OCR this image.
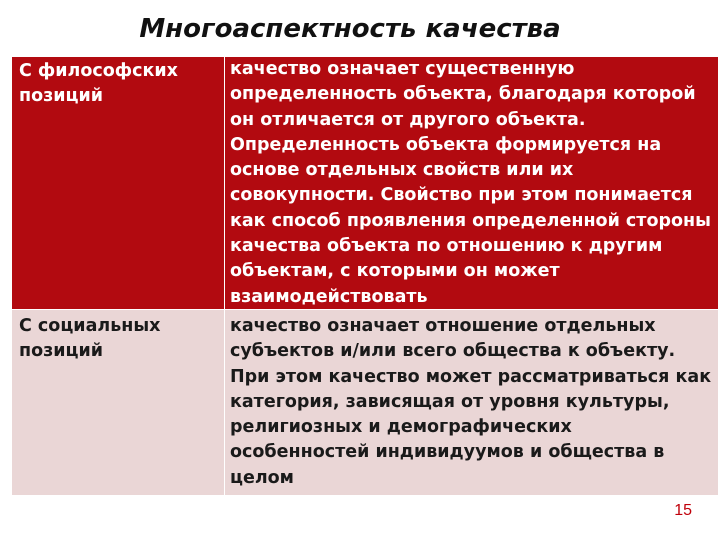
Многоаспектность качества
С философских позиций
качество означает существенную определенность объекта, благодаря которой он отличается от другого объекта. Определенность объекта формируется на основе отдельных свойств или их совокупности. Свойство при этом понимается как способ проявления определенной стороны качества объекта по отношению к другим объектам, с которыми он может взаимодействовать
С социальных позиций
качество означает отношение отдельных субъектов и/или всего общества к объекту. При этом качество может рассматриваться как категория, зависящая от уровня культуры, религиозных и демографических особенностей индивидуумов и общества в целом
15
